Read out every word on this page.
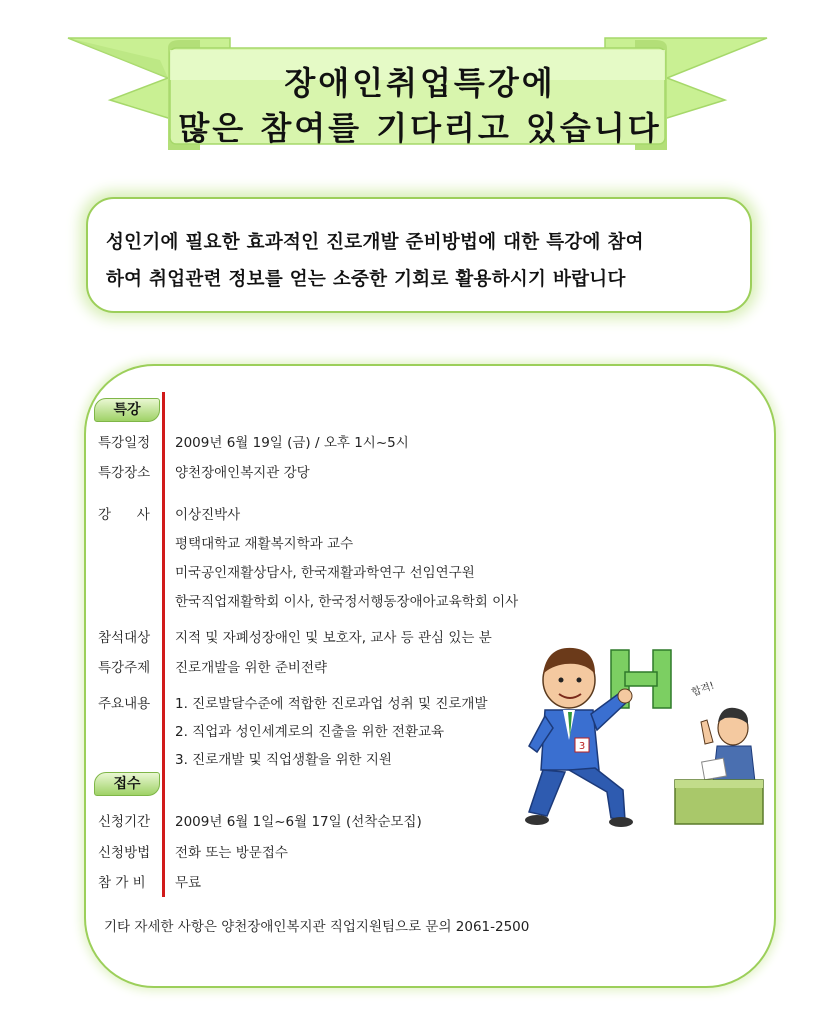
장애인취업특강에
많은 참여를 기다리고 있습니다

성인기에 필요한 효과적인 진로개발 준비방법에 대한 특강에 참여

하여 취업관련 정보를 얻는 소중한 기회로 활용하시기 바랍니다

특강
특강일정 2009년 6월 19일 (금) / 오후 1시~5시
특강장소 양천장애인복지관 강당
강      사 이상진박사
평택대학교 재활복지학과 교수
미국공인재활상담사, 한국재활과학연구 선임연구원
한국직업재활학회 이사, 한국정서행동장애아교육학회 이사
참석대상 지적 및 자폐성장애인 및 보호자, 교사 등 관심 있는 분
특강주제 진로개발을 위한 준비전략
주요내용 1. 진로발달수준에 적합한 진로과업 성취 및 진로개발
2. 직업과 성인세계로의 진출을 위한 전환교육
3. 진로개발 및 직업생활을 위한 지원
접수
신청기간 2009년 6월 1일~6월 17일 (선착순모집)
신청방법 전화 또는 방문접수
참 가 비 무료
기타 자세한 사항은 양천장애인복지관 직업지원팀으로 문의 2061-2500
3
합격!
